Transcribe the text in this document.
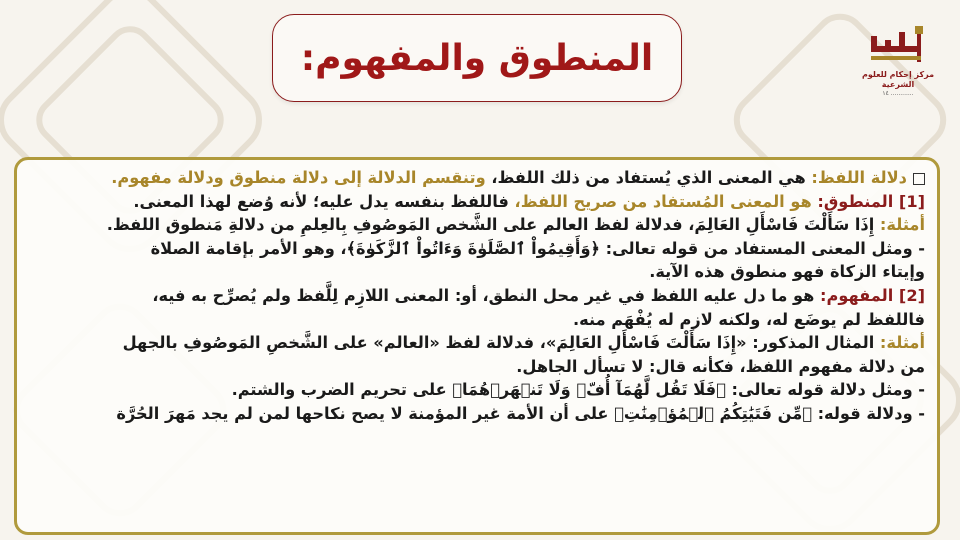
مركز إحكام للعلوم الشرعية
١٤ ............
المنطوق والمفهوم:
دلالة اللفظ: هي المعنى الذي يُستفاد من ذلك اللفظ، وتنقسم الدلالة إلى دلالة منطوق ودلالة مفهوم.
[1] المنطوق: هو المعنى المُستفاد من صريح اللفظ، فاللفظ بنفسه يدل عليه؛ لأنه وُضع لهذا المعنى.
أمثلة: إِذَا سَأَلْتَ فَاسْأَلِ العَالِمَ، فدلالة لفظ العالم على الشَّخص المَوصُوفِ بِالعِلمِ من دلالةِ مَنطوق اللفظ.
- ومثل المعنى المستفاد من قوله تعالى: ﴿وَأَقِيمُواْ ٱلصَّلَوٰةَ وَءَاتُواْ ٱلزَّكَوٰةَ﴾، وهو الأمر بإقامة الصلاة
وإيتاء الزكاة فهو منطوق هذه الآية.
[2] المفهوم: هو ما دل عليه اللفظ في غير محل النطق، أو: المعنى اللازِم لِلَّفظ ولم يُصرِّح به فيه،
فاللفظ لم يوضَع له، ولكنه لازم له يُفْهَم منه.
أمثلة: المثال المذكور: «إِذَا سَأَلْتَ فَاسْأَلِ العَالِمَ»، فدلالة لفظ «العالم» على الشَّخصِ المَوصُوفِ بالجهل
من دلالة مفهوم اللفظ، فكأنه قال: لا تسأل الجاهل.
- ومثل دلالة قوله تعالى: ﴿فَلَا تَقُل لَّهُمَآ أُفّٖ وَلَا تَنۡهَرۡهُمَا﴾ على تحريم الضرب والشتم.
- ودلالة قوله: ﴿مِّن فَتَيَٰتِكُمُ ٱلۡمُؤۡمِنَٰتِ﴾ على أن الأمة غير المؤمنة لا يصح نكاحها لمن لم يجد مَهرَ الحُرَّة
